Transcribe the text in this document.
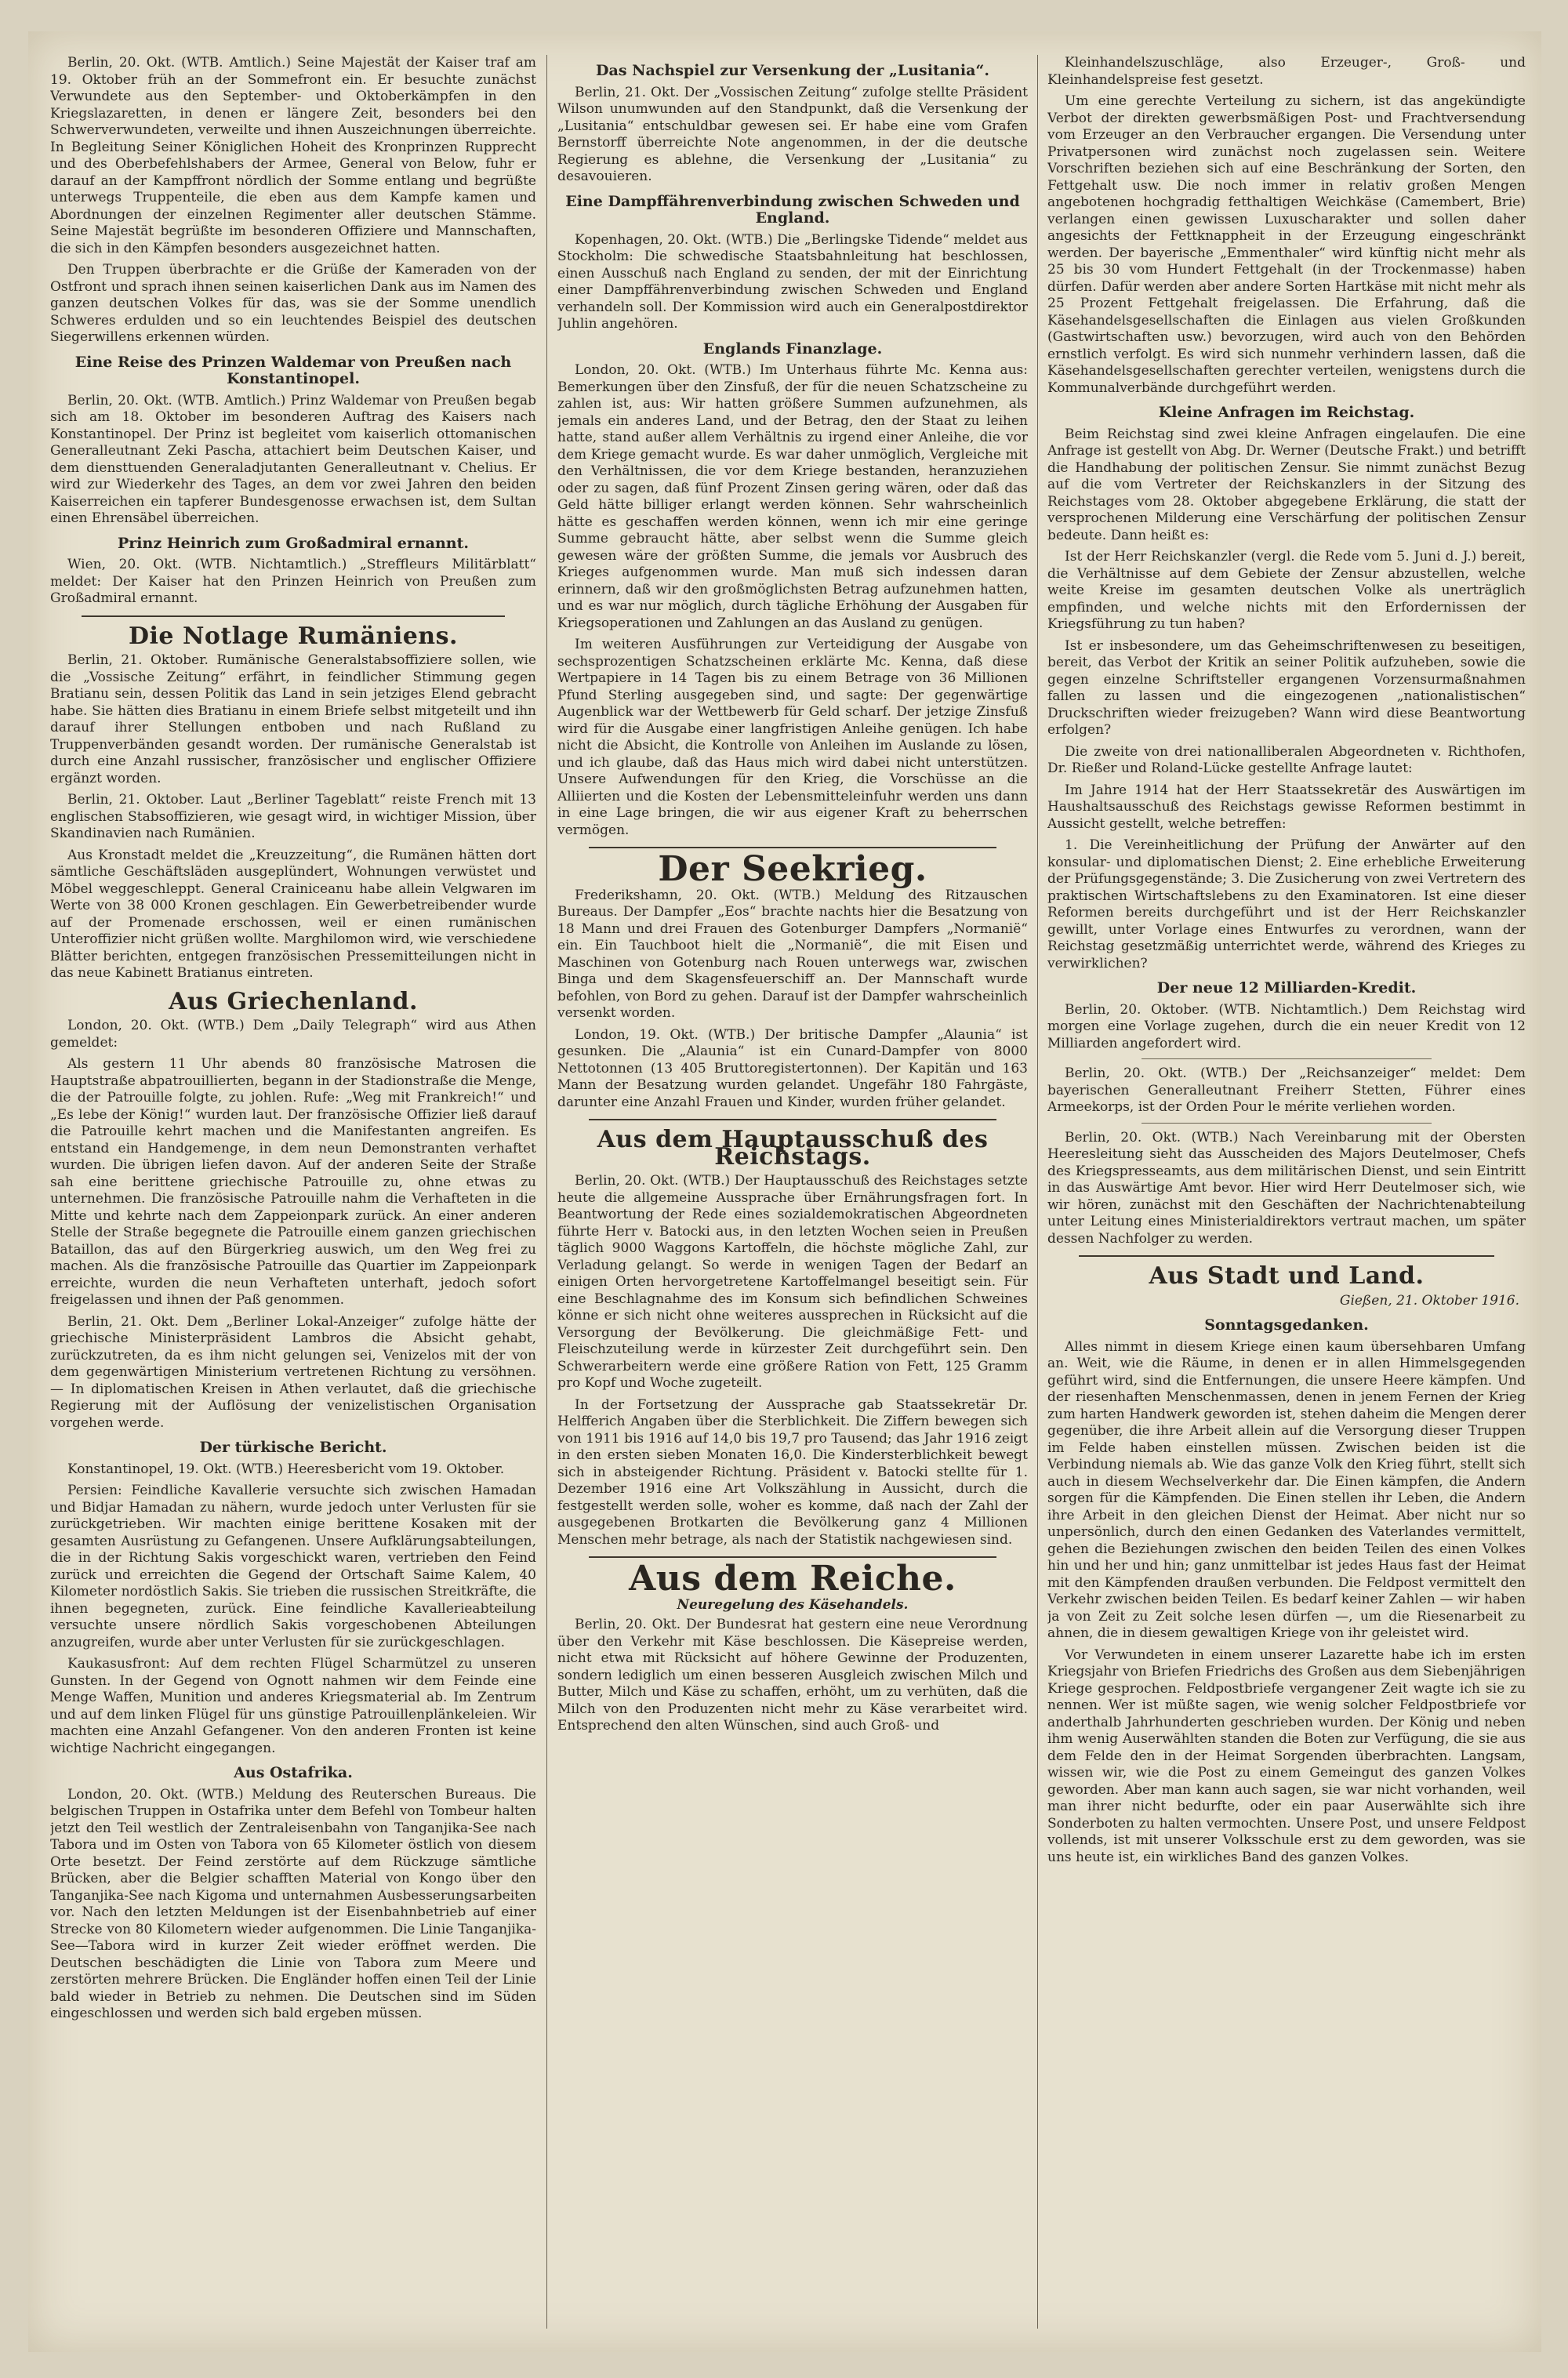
Berlin, 20. Okt. (WTB. Amtlich.) Seine Majestät der Kaiser traf am 19. Oktober früh an der Sommefront ein. Er besuchte zunächst Verwundete aus den September- und Oktoberkämpfen in den Kriegslazaretten, in denen er längere Zeit, besonders bei den Schwerverwundeten, verweilte und ihnen Auszeichnungen überreichte. In Begleitung Seiner Königlichen Hoheit des Kronprinzen Rupprecht und des Oberbefehlshabers der Armee, General von Below, fuhr er darauf an der Kampffront nördlich der Somme entlang und begrüßte unterwegs Truppenteile, die eben aus dem Kampfe kamen und Abordnungen der einzelnen Regimenter aller deutschen Stämme. Seine Majestät begrüßte im besonderen Offiziere und Mannschaften, die sich in den Kämpfen besonders ausgezeichnet hatten.

Den Truppen überbrachte er die Grüße der Kameraden von der Ostfront und sprach ihnen seinen kaiserlichen Dank aus im Namen des ganzen deutschen Volkes für das, was sie der Somme unendlich Schweres erdulden und so ein leuchtendes Beispiel des deutschen Siegerwillens erkennen würden.

Eine Reise des Prinzen Waldemar von Preußen nach Konstantinopel.

Berlin, 20. Okt. (WTB. Amtlich.) Prinz Waldemar von Preußen begab sich am 18. Oktober im besonderen Auftrag des Kaisers nach Konstantinopel. Der Prinz ist begleitet vom kaiserlich ottomanischen Generalleutnant Zeki Pascha, attachiert beim Deutschen Kaiser, und dem diensttuenden Generaladjutanten Generalleutnant v. Chelius. Er wird zur Wiederkehr des Tages, an dem vor zwei Jahren den beiden Kaiserreichen ein tapferer Bundesgenosse erwachsen ist, dem Sultan einen Ehrensäbel überreichen.

Prinz Heinrich zum Großadmiral ernannt.

Wien, 20. Okt. (WTB. Nichtamtlich.) „Streffleurs Militärblatt“ meldet: Der Kaiser hat den Prinzen Heinrich von Preußen zum Großadmiral ernannt.

Die Notlage Rumäniens.

Berlin, 21. Oktober. Rumänische Generalstabsoffiziere sollen, wie die „Vossische Zeitung“ erfährt, in feindlicher Stimmung gegen Bratianu sein, dessen Politik das Land in sein jetziges Elend gebracht habe. Sie hätten dies Bratianu in einem Briefe selbst mitgeteilt und ihn darauf ihrer Stellungen entboben und nach Rußland zu Truppenverbänden gesandt worden. Der rumänische Generalstab ist durch eine Anzahl russischer, französischer und englischer Offiziere ergänzt worden.

Berlin, 21. Oktober. Laut „Berliner Tageblatt“ reiste French mit 13 englischen Stabsoffizieren, wie gesagt wird, in wichtiger Mission, über Skandinavien nach Rumänien.

Aus Kronstadt meldet die „Kreuzzeitung“, die Rumänen hätten dort sämtliche Geschäftsläden ausgeplündert, Wohnungen verwüstet und Möbel weggeschleppt. General Crainiceanu habe allein Velgwaren im Werte von 38 000 Kronen geschlagen. Ein Gewerbetreibender wurde auf der Promenade erschossen, weil er einen rumänischen Unteroffizier nicht grüßen wollte. Marghilomon wird, wie verschiedene Blätter berichten, entgegen französischen Pressemitteilungen nicht in das neue Kabinett Bratianus eintreten.

Aus Griechenland.

London, 20. Okt. (WTB.) Dem „Daily Telegraph“ wird aus Athen gemeldet:

Als gestern 11 Uhr abends 80 französische Matrosen die Hauptstraße abpatrouillierten, begann in der Stadionstraße die Menge, die der Patrouille folgte, zu johlen. Rufe: „Weg mit Frankreich!“ und „Es lebe der König!“ wurden laut. Der französische Offizier ließ darauf die Patrouille kehrt machen und die Manifestanten angreifen. Es entstand ein Handgemenge, in dem neun Demonstranten verhaftet wurden. Die übrigen liefen davon. Auf der anderen Seite der Straße sah eine berittene griechische Patrouille zu, ohne etwas zu unternehmen. Die französische Patrouille nahm die Verhafteten in die Mitte und kehrte nach dem Zappeionpark zurück. An einer anderen Stelle der Straße begegnete die Patrouille einem ganzen griechischen Bataillon, das auf den Bürgerkrieg auswich, um den Weg frei zu machen. Als die französische Patrouille das Quartier im Zappeionpark erreichte, wurden die neun Verhafteten unterhaft, jedoch sofort freigelassen und ihnen der Paß genommen.

Berlin, 21. Okt. Dem „Berliner Lokal-Anzeiger“ zufolge hätte der griechische Ministerpräsident Lambros die Absicht gehabt, zurückzutreten, da es ihm nicht gelungen sei, Venizelos mit der von dem gegenwärtigen Ministerium vertretenen Richtung zu versöhnen. — In diplomatischen Kreisen in Athen verlautet, daß die griechische Regierung mit der Auflösung der venizelistischen Organisation vorgehen werde.

Der türkische Bericht.

Konstantinopel, 19. Okt. (WTB.) Heeresbericht vom 19. Oktober.

Persien: Feindliche Kavallerie versuchte sich zwischen Hamadan und Bidjar Hamadan zu nähern, wurde jedoch unter Verlusten für sie zurückgetrieben. Wir machten einige berittene Kosaken mit der gesamten Ausrüstung zu Gefangenen. Unsere Aufklärungsabteilungen, die in der Richtung Sakis vorgeschickt waren, vertrieben den Feind zurück und erreichten die Gegend der Ortschaft Saime Kalem, 40 Kilometer nordöstlich Sakis. Sie trieben die russischen Streitkräfte, die ihnen begegneten, zurück. Eine feindliche Kavallerieabteilung versuchte unsere nördlich Sakis vorgeschobenen Abteilungen anzugreifen, wurde aber unter Verlusten für sie zurückgeschlagen.

Kaukasusfront: Auf dem rechten Flügel Scharmützel zu unseren Gunsten. In der Gegend von Ognott nahmen wir dem Feinde eine Menge Waffen, Munition und anderes Kriegsmaterial ab. Im Zentrum und auf dem linken Flügel für uns günstige Patrouillenplänkeleien. Wir machten eine Anzahl Gefangener. Von den anderen Fronten ist keine wichtige Nachricht eingegangen.

Aus Ostafrika.

London, 20. Okt. (WTB.) Meldung des Reuterschen Bureaus. Die belgischen Truppen in Ostafrika unter dem Befehl von Tombeur halten jetzt den Teil westlich der Zentraleisenbahn von Tanganjika-See nach Tabora und im Osten von Tabora von 65 Kilometer östlich von diesem Orte besetzt. Der Feind zerstörte auf dem Rückzuge sämtliche Brücken, aber die Belgier schafften Material von Kongo über den Tanganjika-See nach Kigoma und unternahmen Ausbesserungsarbeiten vor. Nach den letzten Meldungen ist der Eisenbahnbetrieb auf einer Strecke von 80 Kilometern wieder aufgenommen. Die Linie Tanganjika-See—Tabora wird in kurzer Zeit wieder eröffnet werden. Die Deutschen beschädigten die Linie von Tabora zum Meere und zerstörten mehrere Brücken. Die Engländer hoffen einen Teil der Linie bald wieder in Betrieb zu nehmen. Die Deutschen sind im Süden eingeschlossen und werden sich bald ergeben müssen.

Das Nachspiel zur Versenkung der „Lusitania“.

Berlin, 21. Okt. Der „Vossischen Zeitung“ zufolge stellte Präsident Wilson unumwunden auf den Standpunkt, daß die Versenkung der „Lusitania“ entschuldbar gewesen sei. Er habe eine vom Grafen Bernstorff überreichte Note angenommen, in der die deutsche Regierung es ablehne, die Versenkung der „Lusitania“ zu desavouieren.

Eine Dampffährenverbindung zwischen Schweden und England.

Kopenhagen, 20. Okt. (WTB.) Die „Berlingske Tidende“ meldet aus Stockholm: Die schwedische Staatsbahnleitung hat beschlossen, einen Ausschuß nach England zu senden, der mit der Einrichtung einer Dampffährenverbindung zwischen Schweden und England verhandeln soll. Der Kommission wird auch ein Generalpostdirektor Juhlin angehören.

Englands Finanzlage.

London, 20. Okt. (WTB.) Im Unterhaus führte Mc. Kenna aus: Bemerkungen über den Zinsfuß, der für die neuen Schatzscheine zu zahlen ist, aus: Wir hatten größere Summen aufzunehmen, als jemals ein anderes Land, und der Betrag, den der Staat zu leihen hatte, stand außer allem Verhältnis zu irgend einer Anleihe, die vor dem Kriege gemacht wurde. Es war daher unmöglich, Vergleiche mit den Verhältnissen, die vor dem Kriege bestanden, heranzuziehen oder zu sagen, daß fünf Prozent Zinsen gering wären, oder daß das Geld hätte billiger erlangt werden können. Sehr wahrscheinlich hätte es geschaffen werden können, wenn ich mir eine geringe Summe gebraucht hätte, aber selbst wenn die Summe gleich gewesen wäre der größten Summe, die jemals vor Ausbruch des Krieges aufgenommen wurde. Man muß sich indessen daran erinnern, daß wir den großmöglichsten Betrag aufzunehmen hatten, und es war nur möglich, durch tägliche Erhöhung der Ausgaben für Kriegsoperationen und Zahlungen an das Ausland zu genügen.

Im weiteren Ausführungen zur Verteidigung der Ausgabe von sechsprozentigen Schatzscheinen erklärte Mc. Kenna, daß diese Wertpapiere in 14 Tagen bis zu einem Betrage von 36 Millionen Pfund Sterling ausgegeben sind, und sagte: Der gegenwärtige Augenblick war der Wettbewerb für Geld scharf. Der jetzige Zinsfuß wird für die Ausgabe einer langfristigen Anleihe genügen. Ich habe nicht die Absicht, die Kontrolle von Anleihen im Auslande zu lösen, und ich glaube, daß das Haus mich wird dabei nicht unterstützen. Unsere Aufwendungen für den Krieg, die Vorschüsse an die Alliierten und die Kosten der Lebensmitteleinfuhr werden uns dann in eine Lage bringen, die wir aus eigener Kraft zu beherrschen vermögen.

Der Seekrieg.

Frederikshamn, 20. Okt. (WTB.) Meldung des Ritzauschen Bureaus. Der Dampfer „Eos“ brachte nachts hier die Besatzung von 18 Mann und drei Frauen des Gotenburger Dampfers „Normanië“ ein. Ein Tauchboot hielt die „Normanië“, die mit Eisen und Maschinen von Gotenburg nach Rouen unterwegs war, zwischen Binga und dem Skagensfeuerschiff an. Der Mannschaft wurde befohlen, von Bord zu gehen. Darauf ist der Dampfer wahrscheinlich versenkt worden.

London, 19. Okt. (WTB.) Der britische Dampfer „Alaunia“ ist gesunken. Die „Alaunia“ ist ein Cunard-Dampfer von 8000 Nettotonnen (13 405 Bruttoregistertonnen). Der Kapitän und 163 Mann der Besatzung wurden gelandet. Ungefähr 180 Fahrgäste, darunter eine Anzahl Frauen und Kinder, wurden früher gelandet.

Aus dem Hauptausschuß des Reichstags.

Berlin, 20. Okt. (WTB.) Der Hauptausschuß des Reichstages setzte heute die allgemeine Aussprache über Ernährungsfragen fort. In Beantwortung der Rede eines sozialdemokratischen Abgeordneten führte Herr v. Batocki aus, in den letzten Wochen seien in Preußen täglich 9000 Waggons Kartoffeln, die höchste mögliche Zahl, zur Verladung gelangt. So werde in wenigen Tagen der Bedarf an einigen Orten hervorgetretene Kartoffelmangel beseitigt sein. Für eine Beschlagnahme des im Konsum sich befindlichen Schweines könne er sich nicht ohne weiteres aussprechen in Rücksicht auf die Versorgung der Bevölkerung. Die gleichmäßige Fett- und Fleischzuteilung werde in kürzester Zeit durchgeführt sein. Den Schwerarbeitern werde eine größere Ration von Fett, 125 Gramm pro Kopf und Woche zugeteilt.

In der Fortsetzung der Aussprache gab Staatssekretär Dr. Helfferich Angaben über die Sterblichkeit. Die Ziffern bewegen sich von 1911 bis 1916 auf 14,0 bis 19,7 pro Tausend; das Jahr 1916 zeigt in den ersten sieben Monaten 16,0. Die Kindersterblichkeit bewegt sich in absteigender Richtung. Präsident v. Batocki stellte für 1. Dezember 1916 eine Art Volkszählung in Aussicht, durch die festgestellt werden solle, woher es komme, daß nach der Zahl der ausgegebenen Brotkarten die Bevölkerung ganz 4 Millionen Menschen mehr betrage, als nach der Statistik nachgewiesen sind.

Aus dem Reiche.
Neuregelung des Käsehandels.

Berlin, 20. Okt. Der Bundesrat hat gestern eine neue Verordnung über den Verkehr mit Käse beschlossen. Die Käsepreise werden, nicht etwa mit Rücksicht auf höhere Gewinne der Produzenten, sondern lediglich um einen besseren Ausgleich zwischen Milch und Butter, Milch und Käse zu schaffen, erhöht, um zu verhüten, daß die Milch von den Produzenten nicht mehr zu Käse verarbeitet wird. Entsprechend den alten Wünschen, sind auch Groß- und

Kleinhandelszuschläge, also Erzeuger-, Groß- und Kleinhandelspreise fest gesetzt.

Um eine gerechte Verteilung zu sichern, ist das angekündigte Verbot der direkten gewerbsmäßigen Post- und Frachtversendung vom Erzeuger an den Verbraucher ergangen. Die Versendung unter Privatpersonen wird zunächst noch zugelassen sein. Weitere Vorschriften beziehen sich auf eine Beschränkung der Sorten, den Fettgehalt usw. Die noch immer in relativ großen Mengen angebotenen hochgradig fetthaltigen Weichkäse (Camembert, Brie) verlangen einen gewissen Luxuscharakter und sollen daher angesichts der Fettknappheit in der Erzeugung eingeschränkt werden. Der bayerische „Emmenthaler“ wird künftig nicht mehr als 25 bis 30 vom Hundert Fettgehalt (in der Trockenmasse) haben dürfen. Dafür werden aber andere Sorten Hartkäse mit nicht mehr als 25 Prozent Fettgehalt freigelassen. Die Erfahrung, daß die Käsehandelsgesellschaften die Einlagen aus vielen Großkunden (Gastwirtschaften usw.) bevorzugen, wird auch von den Behörden ernstlich verfolgt. Es wird sich nunmehr verhindern lassen, daß die Käsehandelsgesellschaften gerechter verteilen, wenigstens durch die Kommunalverbände durchgeführt werden.

Kleine Anfragen im Reichstag.

Beim Reichstag sind zwei kleine Anfragen eingelaufen. Die eine Anfrage ist gestellt von Abg. Dr. Werner (Deutsche Frakt.) und betrifft die Handhabung der politischen Zensur. Sie nimmt zunächst Bezug auf die vom Vertreter der Reichskanzlers in der Sitzung des Reichstages vom 28. Oktober abgegebene Erklärung, die statt der versprochenen Milderung eine Verschärfung der politischen Zensur bedeute. Dann heißt es:

Ist der Herr Reichskanzler (vergl. die Rede vom 5. Juni d. J.) bereit, die Verhältnisse auf dem Gebiete der Zensur abzustellen, welche weite Kreise im gesamten deutschen Volke als unerträglich empfinden, und welche nichts mit den Erfordernissen der Kriegsführung zu tun haben?

Ist er insbesondere, um das Geheimschriftenwesen zu beseitigen, bereit, das Verbot der Kritik an seiner Politik aufzuheben, sowie die gegen einzelne Schriftsteller ergangenen Vorzensurmaßnahmen fallen zu lassen und die eingezogenen „nationalistischen“ Druckschriften wieder freizugeben? Wann wird diese Beantwortung erfolgen?

Die zweite von drei nationalliberalen Abgeordneten v. Richthofen, Dr. Rießer und Roland-Lücke gestellte Anfrage lautet:

Im Jahre 1914 hat der Herr Staatssekretär des Auswärtigen im Haushaltsausschuß des Reichstags gewisse Reformen bestimmt in Aussicht gestellt, welche betreffen:

1. Die Vereinheitlichung der Prüfung der Anwärter auf den konsular- und diplomatischen Dienst; 2. Eine erhebliche Erweiterung der Prüfungsgegenstände; 3. Die Zusicherung von zwei Vertretern des praktischen Wirtschaftslebens zu den Examinatoren. Ist eine dieser Reformen bereits durchgeführt und ist der Herr Reichskanzler gewillt, unter Vorlage eines Entwurfes zu verordnen, wann der Reichstag gesetzmäßig unterrichtet werde, während des Krieges zu verwirklichen?

Der neue 12 Milliarden-Kredit.

Berlin, 20. Oktober. (WTB. Nichtamtlich.) Dem Reichstag wird morgen eine Vorlage zugehen, durch die ein neuer Kredit von 12 Milliarden angefordert wird.

Berlin, 20. Okt. (WTB.) Der „Reichsanzeiger“ meldet: Dem bayerischen Generalleutnant Freiherr Stetten, Führer eines Armeekorps, ist der Orden Pour le mérite verliehen worden.

Berlin, 20. Okt. (WTB.) Nach Vereinbarung mit der Obersten Heeresleitung sieht das Ausscheiden des Majors Deutelmoser, Chefs des Kriegspresseamts, aus dem militärischen Dienst, und sein Eintritt in das Auswärtige Amt bevor. Hier wird Herr Deutelmoser sich, wie wir hören, zunächst mit den Geschäften der Nachrichtenabteilung unter Leitung eines Ministerialdirektors vertraut machen, um später dessen Nachfolger zu werden.

Aus Stadt und Land.
Gießen, 21. Oktober 1916.
Sonntagsgedanken.

Alles nimmt in diesem Kriege einen kaum übersehbaren Umfang an. Weit, wie die Räume, in denen er in allen Himmelsgegenden geführt wird, sind die Entfernungen, die unsere Heere kämpfen. Und der riesenhaften Menschenmassen, denen in jenem Fernen der Krieg zum harten Handwerk geworden ist, stehen daheim die Mengen derer gegenüber, die ihre Arbeit allein auf die Versorgung dieser Truppen im Felde haben einstellen müssen. Zwischen beiden ist die Verbindung niemals ab. Wie das ganze Volk den Krieg führt, stellt sich auch in diesem Wechselverkehr dar. Die Einen kämpfen, die Andern sorgen für die Kämpfenden. Die Einen stellen ihr Leben, die Andern ihre Arbeit in den gleichen Dienst der Heimat. Aber nicht nur so unpersönlich, durch den einen Gedanken des Vaterlandes vermittelt, gehen die Beziehungen zwischen den beiden Teilen des einen Volkes hin und her und hin; ganz unmittelbar ist jedes Haus fast der Heimat mit den Kämpfenden draußen verbunden. Die Feldpost vermittelt den Verkehr zwischen beiden Teilen. Es bedarf keiner Zahlen — wir haben ja von Zeit zu Zeit solche lesen dürfen —, um die Riesenarbeit zu ahnen, die in diesem gewaltigen Kriege von ihr geleistet wird.

Vor Verwundeten in einem unserer Lazarette habe ich im ersten Kriegsjahr von Briefen Friedrichs des Großen aus dem Siebenjährigen Kriege gesprochen. Feldpostbriefe vergangener Zeit wagte ich sie zu nennen. Wer ist müßte sagen, wie wenig solcher Feldpostbriefe vor anderthalb Jahrhunderten geschrieben wurden. Der König und neben ihm wenig Auserwählten standen die Boten zur Verfügung, die sie aus dem Felde den in der Heimat Sorgenden überbrachten. Langsam, wissen wir, wie die Post zu einem Gemeingut des ganzen Volkes geworden. Aber man kann auch sagen, sie war nicht vorhanden, weil man ihrer nicht bedurfte, oder ein paar Auserwählte sich ihre Sonderboten zu halten vermochten. Unsere Post, und unsere Feldpost vollends, ist mit unserer Volksschule erst zu dem geworden, was sie uns heute ist, ein wirkliches Band des ganzen Volkes.
